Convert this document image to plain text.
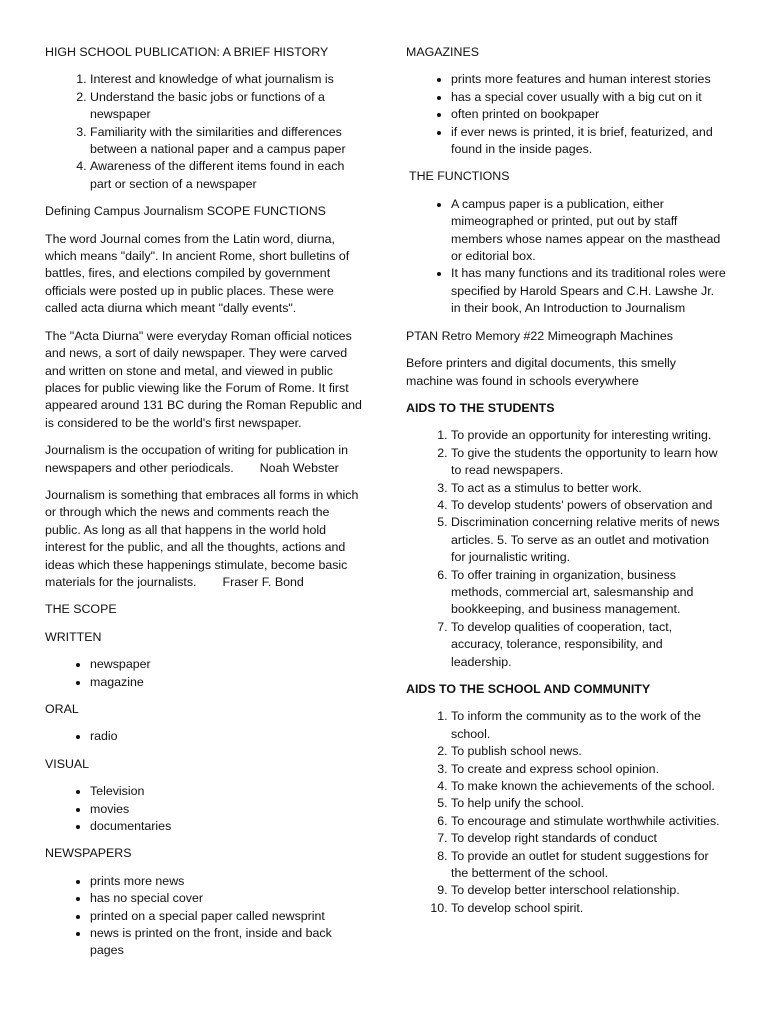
HIGH SCHOOL PUBLICATION: A BRIEF HISTORY
1. Interest and knowledge of what journalism is
2. Understand the basic jobs or functions of a newspaper
3. Familiarity with the similarities and differences between a national paper and a campus paper
4. Awareness of the different items found in each part or section of a newspaper

Defining Campus Journalism SCOPE FUNCTIONS

The word Journal comes from the Latin word, diurna, which means "daily". In ancient Rome, short bulletins of battles, fires, and elections compiled by government officials were posted up in public places. These were called acta diurna which meant "dally events".

The "Acta Diurna" were everyday Roman official notices and news, a sort of daily newspaper. They were carved and written on stone and metal, and viewed in public places for public viewing like the Forum of Rome. It first appeared around 131 BC during the Roman Republic and is considered to be the world's first newspaper.

Journalism is the occupation of writing for publication in newspapers and other periodicals. Noah Webster

Journalism is something that embraces all forms in which or through which the news and comments reach the public. As long as all that happens in the world hold interest for the public, and all the thoughts, actions and ideas which these happenings stimulate, become basic materials for the journalists. Fraser F. Bond

THE SCOPE
WRITTEN
• newspaper
• magazine
ORAL
• radio
VISUAL
• Television
• movies
• documentaries
NEWSPAPERS
• prints more news
• has no special cover
• printed on a special paper called newsprint
• news is printed on the front, inside and back pages
MAGAZINES
• prints more features and human interest stories
• has a special cover usually with a big cut on it
• often printed on bookpaper
• if ever news is printed, it is brief, featurized, and found in the inside pages.
THE FUNCTIONS
• A campus paper is a publication, either mimeographed or printed, put out by staff members whose names appear on the masthead or editorial box.
• It has many functions and its traditional roles were specified by Harold Spears and C.H. Lawshe Jr. in their book, An Introduction to Journalism

PTAN Retro Memory #22 Mimeograph Machines

Before printers and digital documents, this smelly machine was found in schools everywhere

AIDS TO THE STUDENTS
1. To provide an opportunity for interesting writing.
2. To give the students the opportunity to learn how to read newspapers.
3. To act as a stimulus to better work.
4. To develop students' powers of observation and
5. Discrimination concerning relative merits of news articles. 5. To serve as an outlet and motivation for journalistic writing.
6. To offer training in organization, business methods, commercial art, salesmanship and bookkeeping, and business management.
7. To develop qualities of cooperation, tact, accuracy, tolerance, responsibility, and leadership.
AIDS TO THE SCHOOL AND COMMUNITY
1. To inform the community as to the work of the school.
2. To publish school news.
3. To create and express school opinion.
4. To make known the achievements of the school.
5. To help unify the school.
6. To encourage and stimulate worthwhile activities.
7. To develop right standards of conduct
8. To provide an outlet for student suggestions for the betterment of the school.
9. To develop better interschool relationship.
10. To develop school spirit.
